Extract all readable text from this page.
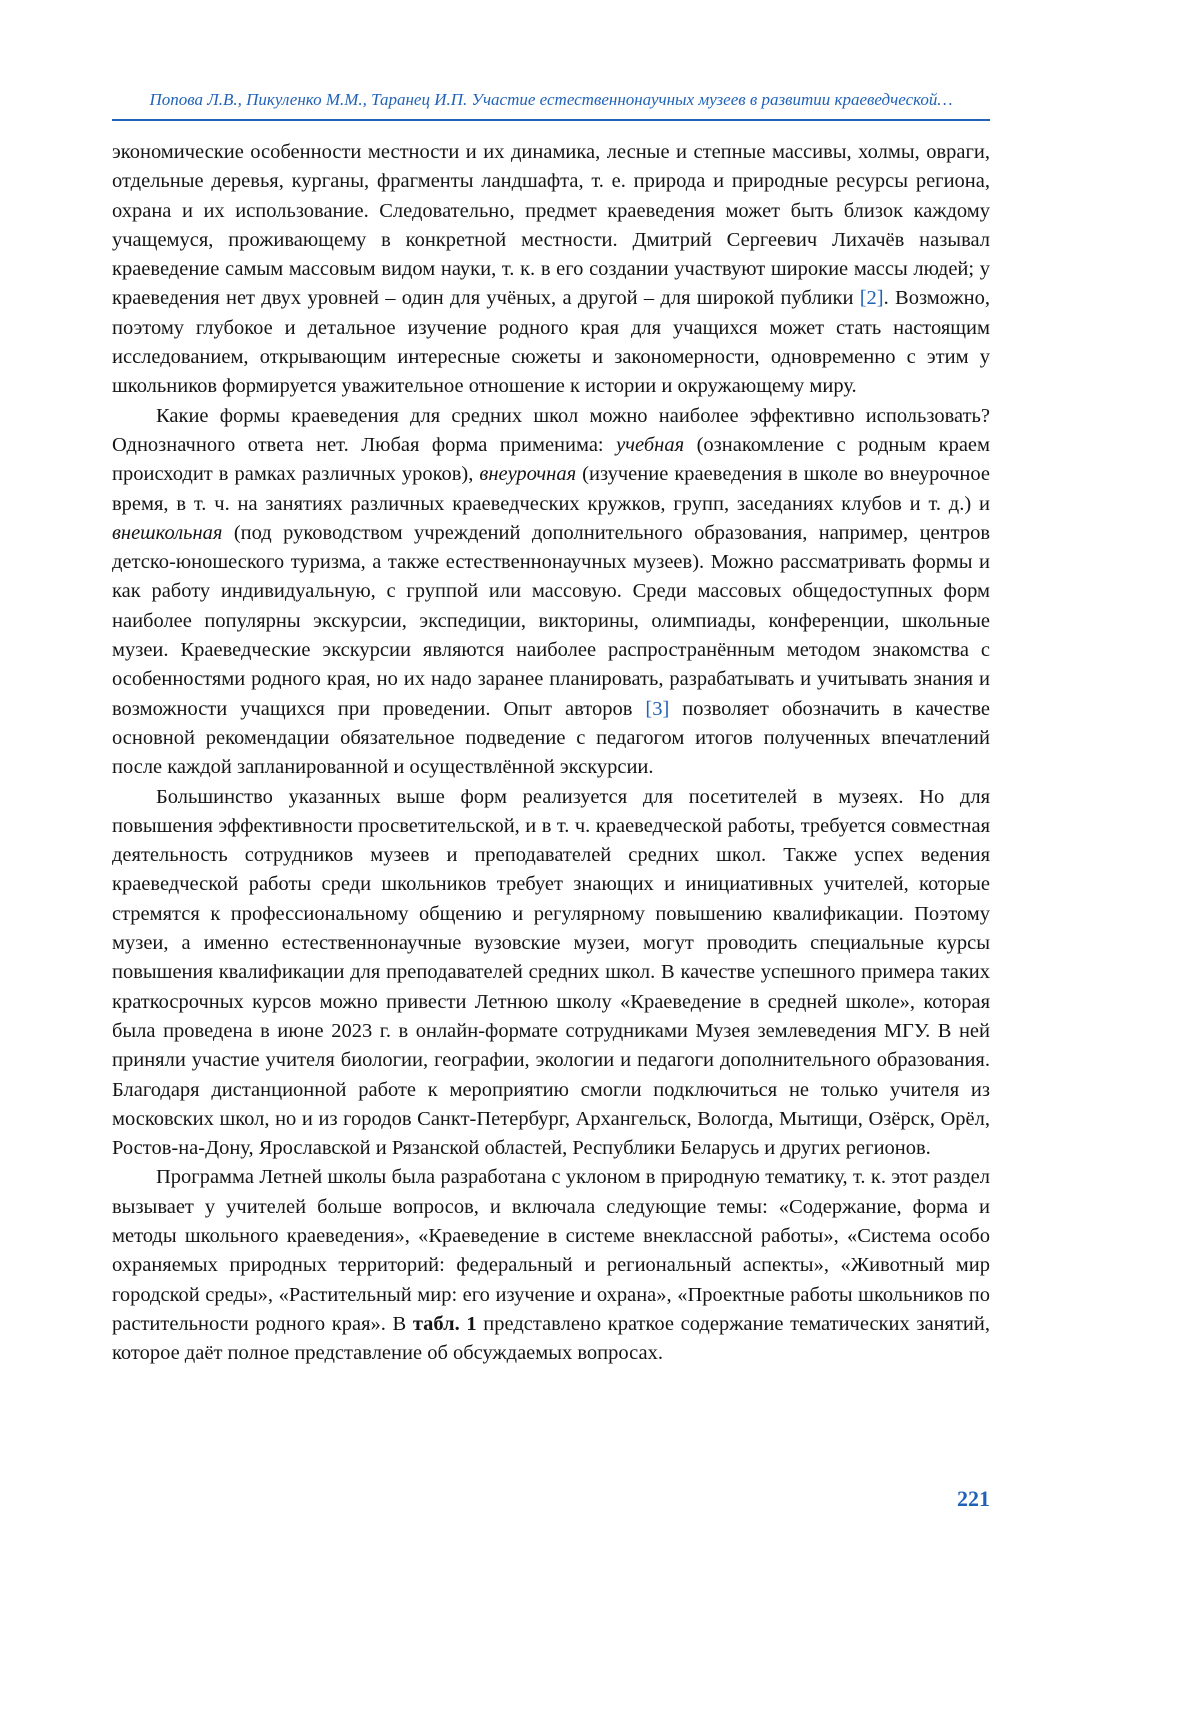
Попова Л.В., Пикуленко М.М., Таранец И.П. Участие естественнонаучных музеев в развитии краеведческой…

экономические особенности местности и их динамика, лесные и степные массивы, холмы, овраги, отдельные деревья, курганы, фрагменты ландшафта, т. е. природа и природные ресурсы региона, охрана и их использование. Следовательно, предмет краеведения может быть близок каждому учащемуся, проживающему в конкретной местности. Дмитрий Сергеевич Лихачёв называл краеведение самым массовым видом науки, т. к. в его создании участвуют широкие массы людей; у краеведения нет двух уровней – один для учёных, а другой – для широкой публики [2]. Возможно, поэтому глубокое и детальное изучение родного края для учащихся может стать настоящим исследованием, открывающим интересные сюжеты и закономерности, одновременно с этим у школьников формируется уважительное отношение к истории и окружающему миру.

Какие формы краеведения для средних школ можно наиболее эффективно использовать? Однозначного ответа нет. Любая форма применима: учебная (ознакомление с родным краем происходит в рамках различных уроков), внеурочная (изучение краеведения в школе во внеурочное время, в т. ч. на занятиях различных краеведческих кружков, групп, заседаниях клубов и т. д.) и внешкольная (под руководством учреждений дополнительного образования, например, центров детско-юношеского туризма, а также естественнонаучных музеев). Можно рассматривать формы и как работу индивидуальную, с группой или массовую. Среди массовых общедоступных форм наиболее популярны экскурсии, экспедиции, викторины, олимпиады, конференции, школьные музеи. Краеведческие экскурсии являются наиболее распространённым методом знакомства с особенностями родного края, но их надо заранее планировать, разрабатывать и учитывать знания и возможности учащихся при проведении. Опыт авторов [3] позволяет обозначить в качестве основной рекомендации обязательное подведение с педагогом итогов полученных впечатлений после каждой запланированной и осуществлённой экскурсии.

Большинство указанных выше форм реализуется для посетителей в музеях. Но для повышения эффективности просветительской, и в т. ч. краеведческой работы, требуется совместная деятельность сотрудников музеев и преподавателей средних школ. Также успех ведения краеведческой работы среди школьников требует знающих и инициативных учителей, которые стремятся к профессиональному общению и регулярному повышению квалификации. Поэтому музеи, а именно естественнонаучные вузовские музеи, могут проводить специальные курсы повышения квалификации для преподавателей средних школ. В качестве успешного примера таких краткосрочных курсов можно привести Летнюю школу «Краеведение в средней школе», которая была проведена в июне 2023 г. в онлайн-формате сотрудниками Музея землеведения МГУ. В ней приняли участие учителя биологии, географии, экологии и педагоги дополнительного образования. Благодаря дистанционной работе к мероприятию смогли подключиться не только учителя из московских школ, но и из городов Санкт-Петербург, Архангельск, Вологда, Мытищи, Озёрск, Орёл, Ростов-на-Дону, Ярославской и Рязанской областей, Республики Беларусь и других регионов.

Программа Летней школы была разработана с уклоном в природную тематику, т. к. этот раздел вызывает у учителей больше вопросов, и включала следующие темы: «Содержание, форма и методы школьного краеведения», «Краеведение в системе внеклассной работы», «Система особо охраняемых природных территорий: федеральный и региональный аспекты», «Животный мир городской среды», «Растительный мир: его изучение и охрана», «Проектные работы школьников по растительности родного края». В табл. 1 представлено краткое содержание тематических занятий, которое даёт полное представление об обсуждаемых вопросах.

221
